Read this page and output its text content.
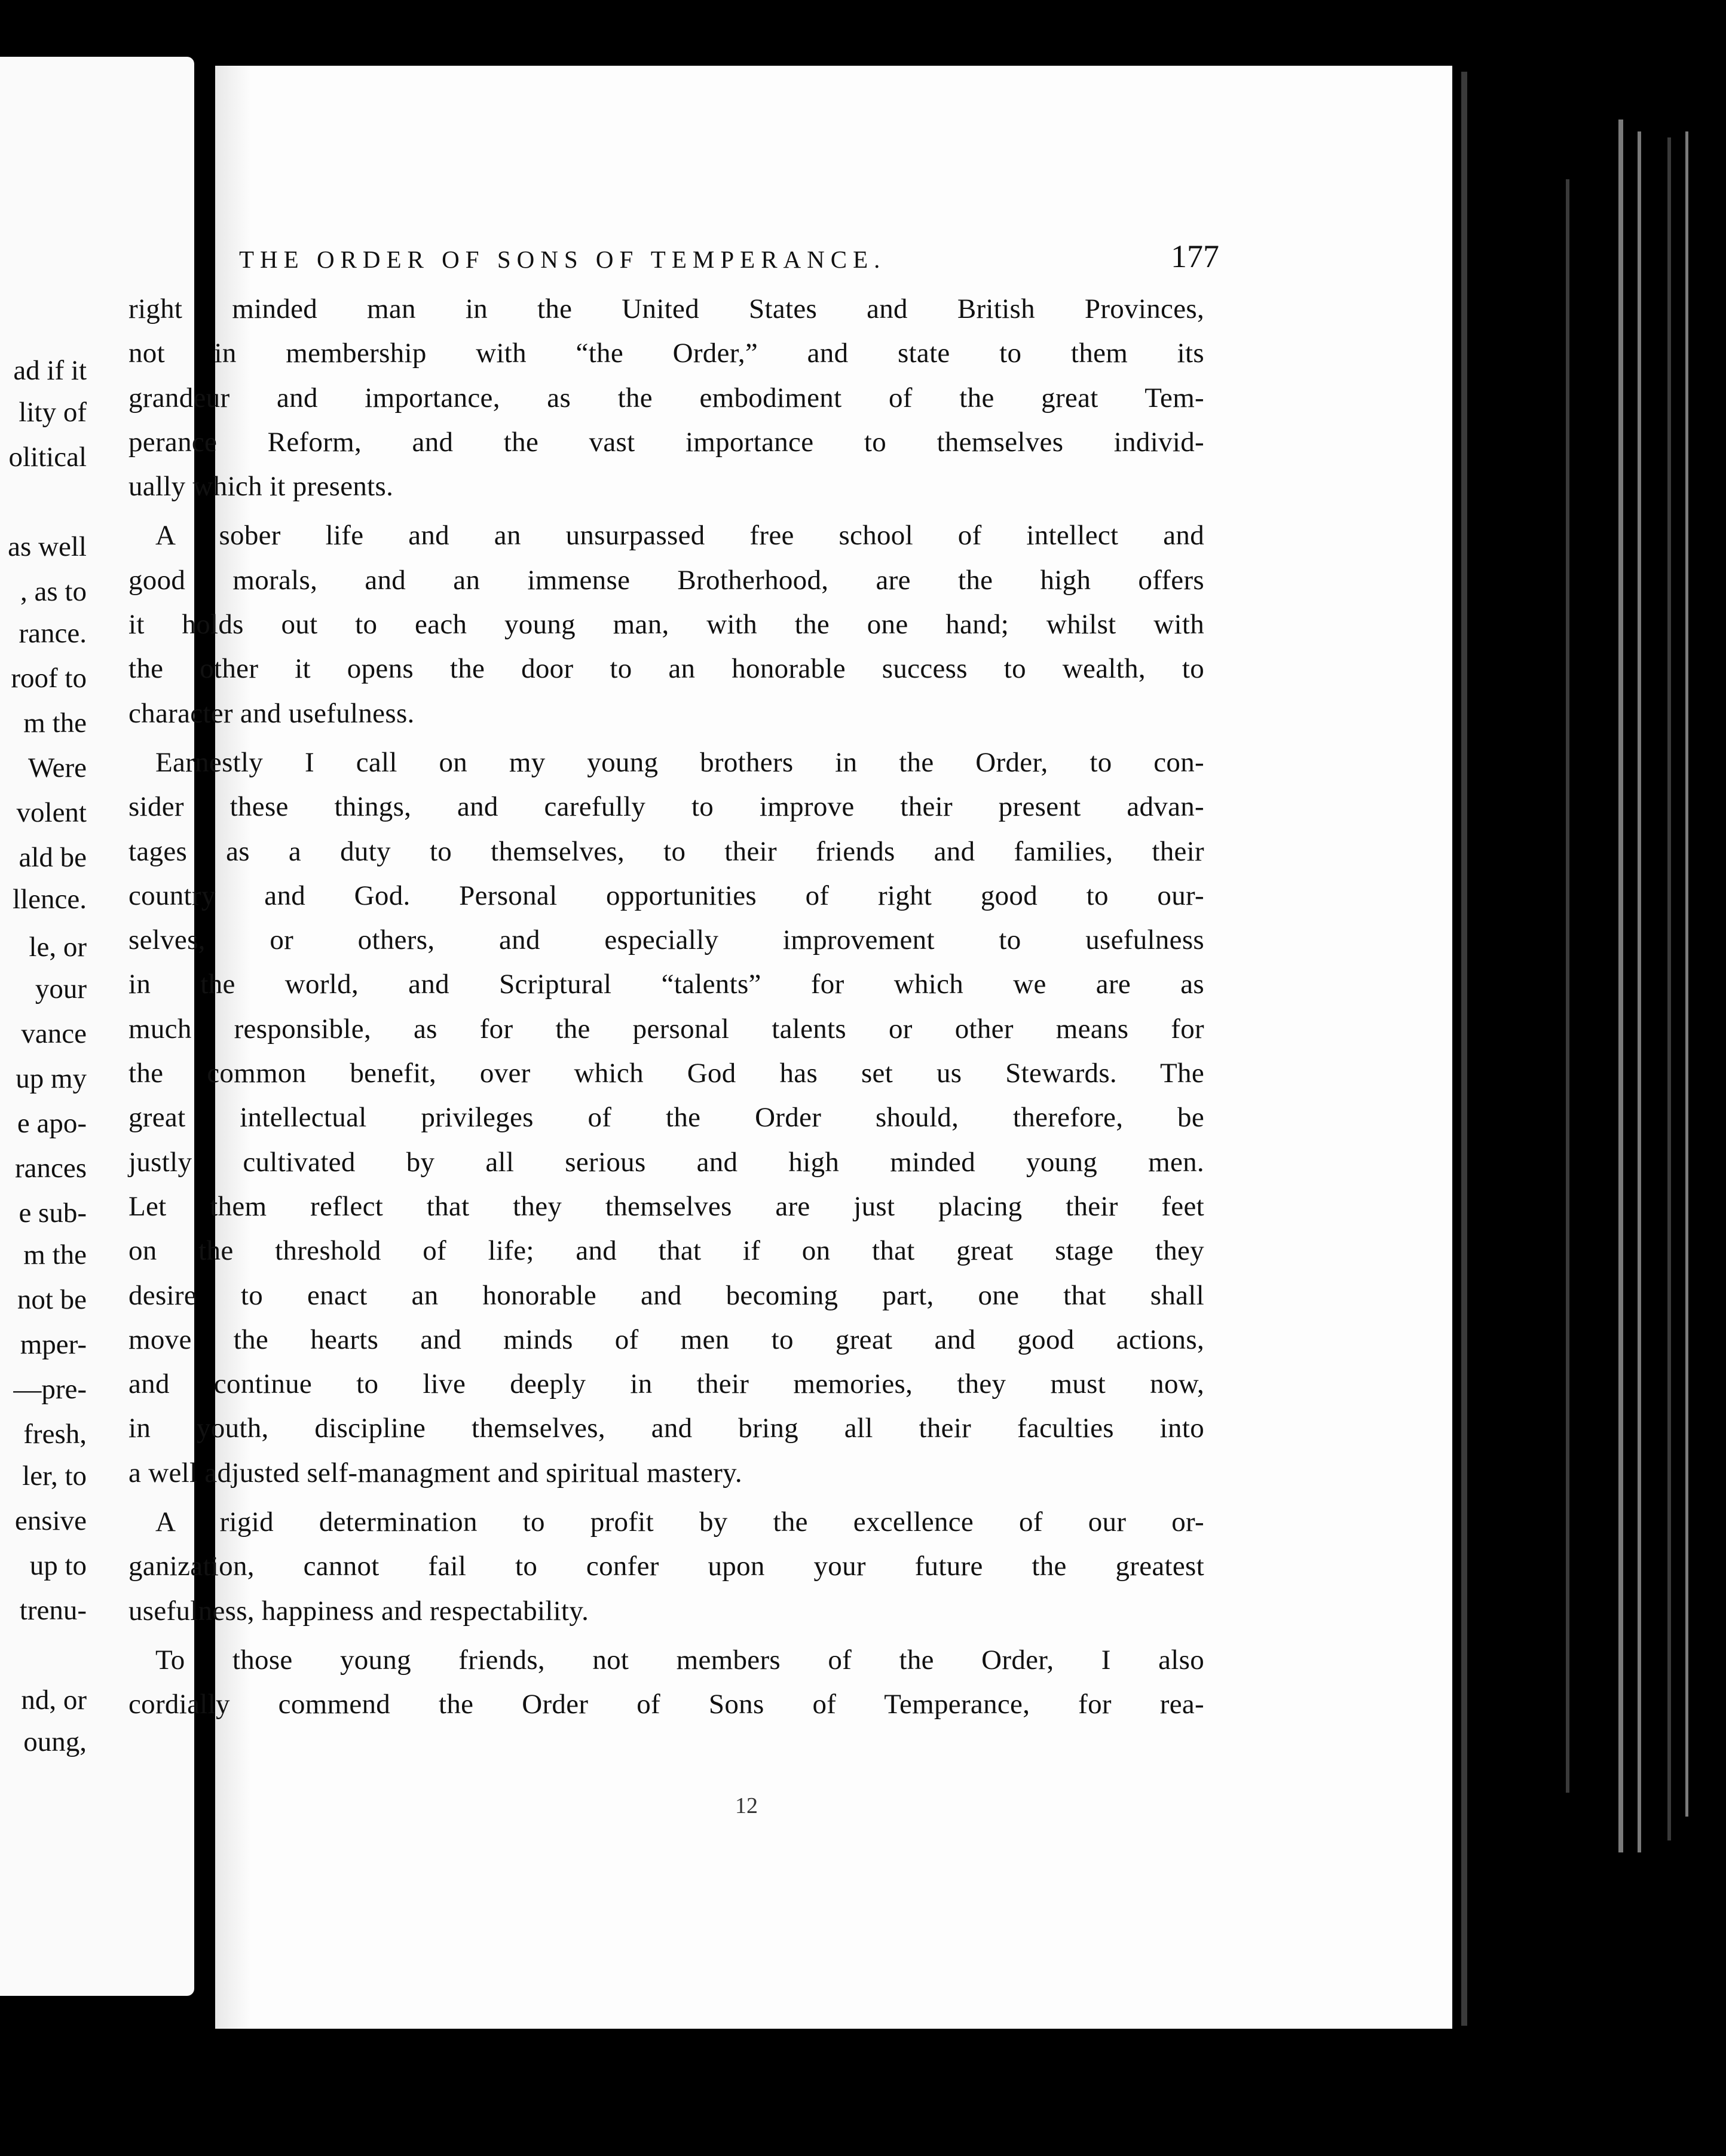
ad if it
lity of
olitical
as well
, as to
rance.
roof to
m the
Were
volent
ald be
llence.
le, or
your
vance
up my
e apo-
rances
e sub-
m the
not be
mper-
—pre-
fresh,
ler, to
ensive
up to
trenu-
nd, or
oung,
THE ORDER OF SONS OF TEMPERANCE.	177
right minded man in the United States and British Provinces,
not in membership with “the Order,” and state to them its
grandeur and importance, as the embodiment of the great Tem-
perance Reform, and the vast importance to themselves individ-
ually which it presents.
A sober life and an unsurpassed free school of intellect and
good morals, and an immense Brotherhood, are the high offers
it holds out to each young man, with the one hand; whilst with
the other it opens the door to an honorable success to wealth, to
character and usefulness.
Earnestly I call on my young brothers in the Order, to con-
sider these things, and carefully to improve their present advan-
tages as a duty to themselves, to their friends and families, their
country and God. Personal opportunities of right good to our-
selves, or others, and especially improvement to usefulness
in the world, and Scriptural “talents” for which we are as
much responsible, as for the personal talents or other means for
the common benefit, over which God has set us Stewards. The
great intellectual privileges of the Order should, therefore, be
justly cultivated by all serious and high minded young men.
Let them reflect that they themselves are just placing their feet
on the threshold of life; and that if on that great stage they
desire to enact an honorable and becoming part, one that shall
move the hearts and minds of men to great and good actions,
and continue to live deeply in their memories, they must now,
in youth, discipline themselves, and bring all their faculties into
a well adjusted self-managment and spiritual mastery.
A rigid determination to profit by the excellence of our or-
ganization, cannot fail to confer upon your future the greatest
usefulness, happiness and respectability.
To those young friends, not members of the Order, I also
cordially commend the Order of Sons of Temperance, for rea-
12
